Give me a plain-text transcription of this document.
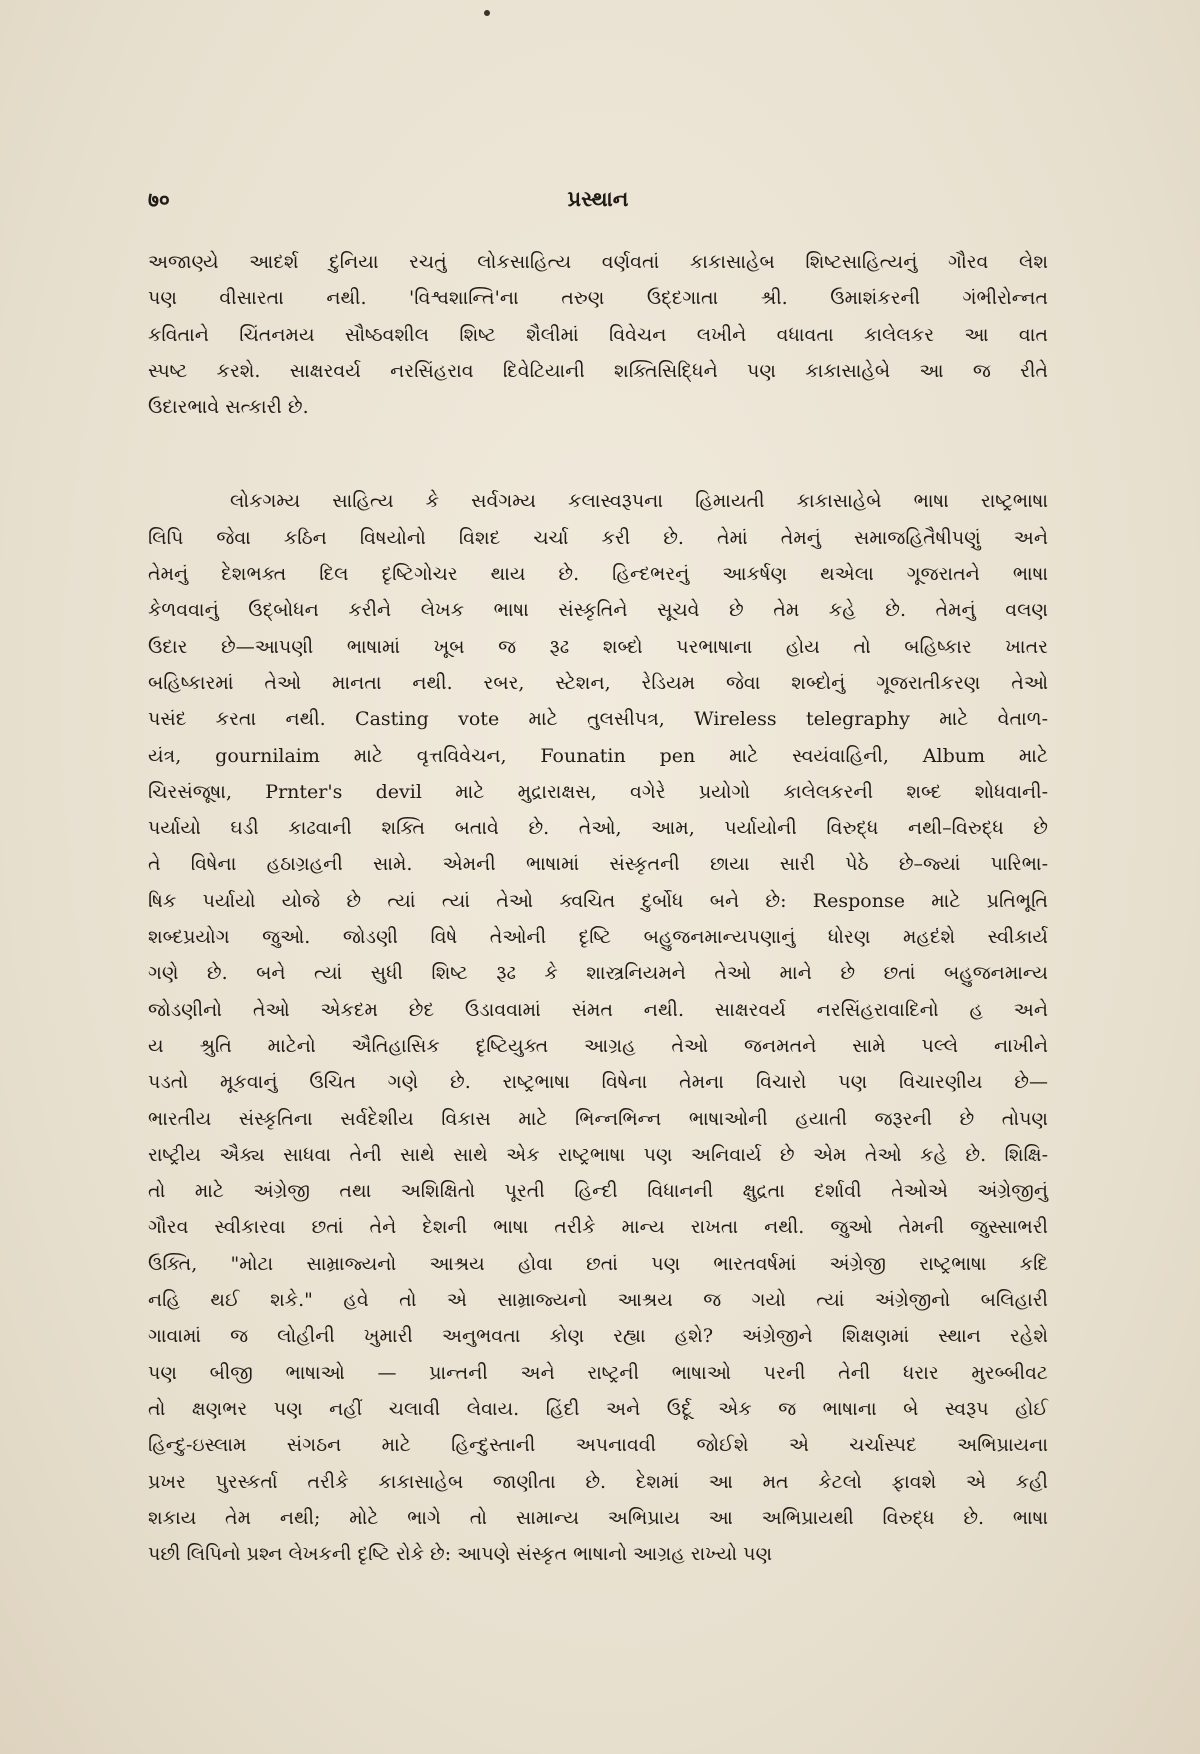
७०	પ્રસ્થાન

અજાણ્યે આદર્શ દુનિયા રચતું લોકસાહિત્ય વર્ણવતાં કાકાસાહેબ શિષ્ટસાહિત્યનું ગૌરવ લેશ
પણ વીસારતા નથી. 'વિશ્વશાન્તિ'ના તરુણ ઉદ્દગાતા શ્રી. ઉમાશંકરની ગંભીરોન્નત
કવિતાને ચિંતનમય સૌષ્ઠવશીલ શિષ્ટ શૈલીમાં વિવેચન લખીને વધાવતા કાલેલકર આ વાત
સ્પષ્ટ કરશે. સાક્ષરવર્ય નરસિંહરાવ દિવેટિયાની શક્તિસિદ્ધિને પણ કાકાસાહેબે આ જ રીતે
ઉદારભાવે સત્કારી છે.

લોકગમ્ય સાહિત્ય કે સર્વગમ્ય કલાસ્વરૂપના હિમાયતી કાકાસાહેબે ભાષા રાષ્ટ્રભાષા
લિપિ જેવા કઠિન વિષયોનો વિશદ ચર્ચા કરી છે. તેમાં તેમનું સમાજહિતૈષીપણું અને
તેમનું દેશભક્ત દિલ દૃષ્ટિગોચર થાય છે. હિન્દભરનું આકર્ષણ થએલા ગૂજરાતને ભાષા
કેળવવાનું ઉદ્‌બોધન કરીને લેખક ભાષા સંસ્કૃતિને સૂચવે છે તેમ કહે છે. તેમનું વલણ
ઉદાર છે—આપણી ભાષામાં ખૂબ જ રૂઢ શબ્દો પરભાષાના હોય તો બહિષ્કાર ખાતર
બહિષ્કારમાં તેઓ માનતા નથી. રબર, સ્ટેશન, રેડિયમ જેવા શબ્દોનું ગૂજરાતીકરણ તેઓ
પસંદ કરતા નથી. Casting vote માટે તુલસીપત્ર, Wireless telegraphy માટે વેતાળ-
યંત્ર, gournilaim માટે વૃત્તવિવેચન, Founatin pen માટે સ્વયંવાહિની, Album માટે
ચિરસંજૂષા, Prnter's devil માટે મુદ્રારાક્ષસ, વગેરે પ્રયોગો કાલેલકરની શબ્દ શોધવાની-
પર્યાયો ઘડી કાઢવાની શક્તિ બતાવે છે. તેઓ, આમ, પર્યાયોની વિરુદ્ધ નથી–વિરુદ્ધ છે
તે વિષેના હઠાગ્રહની સામે. એમની ભાષામાં સંસ્કૃતની છાયા સારી પેઠે છે–જ્યાં પારિભા-
ષિક પર્યાયો યોજે છે ત્યાં ત્યાં તેઓ ક્વચિત દુર્બોધ બને છે: Response માટે પ્રતિભૂતિ
શબ્દપ્રયોગ જુઓ. જોડણી વિષે તેઓની દૃષ્ટિ બહુજનમાન્યપણાનું ધોરણ મહદંશે સ્વીકાર્ય
ગણે છે. બને ત્યાં સુધી શિષ્ટ રૂઢ કે શાસ્ત્રનિયમને તેઓ માને છે છતાં બહુજનમાન્ય
જોડણીનો તેઓ એકદમ છેદ ઉડાવવામાં સંમત નથી. સાક્ષરવર્ય નરસિંહરાવાદિનો હ અને
ય શ્રુતિ માટેનો ઐતિહાસિક દૃષ્ટિયુક્ત આગ્રહ તેઓ જનમતને સામે પલ્લે નાખીને
પડતો મૂકવાનું ઉચિત ગણે છે. રાષ્ટ્રભાષા વિષેના તેમના વિચારો પણ વિચારણીય છે—
ભારતીય સંસ્કૃતિના સર્વદેશીય વિકાસ માટે ભિન્નભિન્ન ભાષાઓની હયાતી જરૂરની છે તોપણ
રાષ્ટ્રીય ઐક્ય સાધવા તેની સાથે સાથે એક રાષ્ટ્રભાષા પણ અનિવાર્ય છે એમ તેઓ કહે છે. શિક્ષિ-
તો માટે અંગ્રેજી તથા અશિક્ષિતો પૂરતી હિન્દી વિધાનની ક્ષુદ્રતા દર્શાવી તેઓએ અંગ્રેજીનું
ગૌરવ સ્વીકારવા છતાં તેને દેશની ભાષા તરીકે માન્ય રાખતા નથી. જુઓ તેમની જુસ્સાભરી
ઉક્તિ, "મોટા સામ્રાજ્યનો આશ્રય હોવા છતાં પણ ભારતવર્ષમાં અંગ્રેજી રાષ્ટ્રભાષા કદિ
નહિ થઈ શકે." હવે તો એ સામ્રાજ્યનો આશ્રય જ ગયો ત્યાં અંગ્રેજીનો બલિહારી
ગાવામાં જ લોહીની ખુમારી અનુભવતા કોણ રહ્યા હશે? અંગ્રેજીને શિક્ષણમાં સ્થાન રહેશે
પણ બીજી ભાષાઓ — પ્રાન્તની અને રાષ્ટ્રની ભાષાઓ પરની તેની ધરાર મુરબ્બીવટ
તો ક્ષણભર પણ નહીં ચલાવી લેવાય. હિંદી અને ઉર્દૂ એક જ ભાષાના બે સ્વરૂપ હોઈ
હિન્દુ-ઇસ્લામ સંગઠન માટે હિન્દુસ્તાની અપનાવવી જોઈશે એ ચર્ચાસ્પદ અભિપ્રાયના
પ્રખર પુરસ્કર્તા તરીકે કાકાસાહેબ જાણીતા છે. દેશમાં આ મત કેટલો ફાવશે એ કહી
શકાય તેમ નથી; મોટે ભાગે તો સામાન્ય અભિપ્રાય આ અભિપ્રાયથી વિરુદ્ધ છે. ભાષા
પછી લિપિનો પ્રશ્ન લેખકની દૃષ્ટિ રોકે છે: આપણે સંસ્કૃત ભાષાનો આગ્રહ રાખ્યો પણ
